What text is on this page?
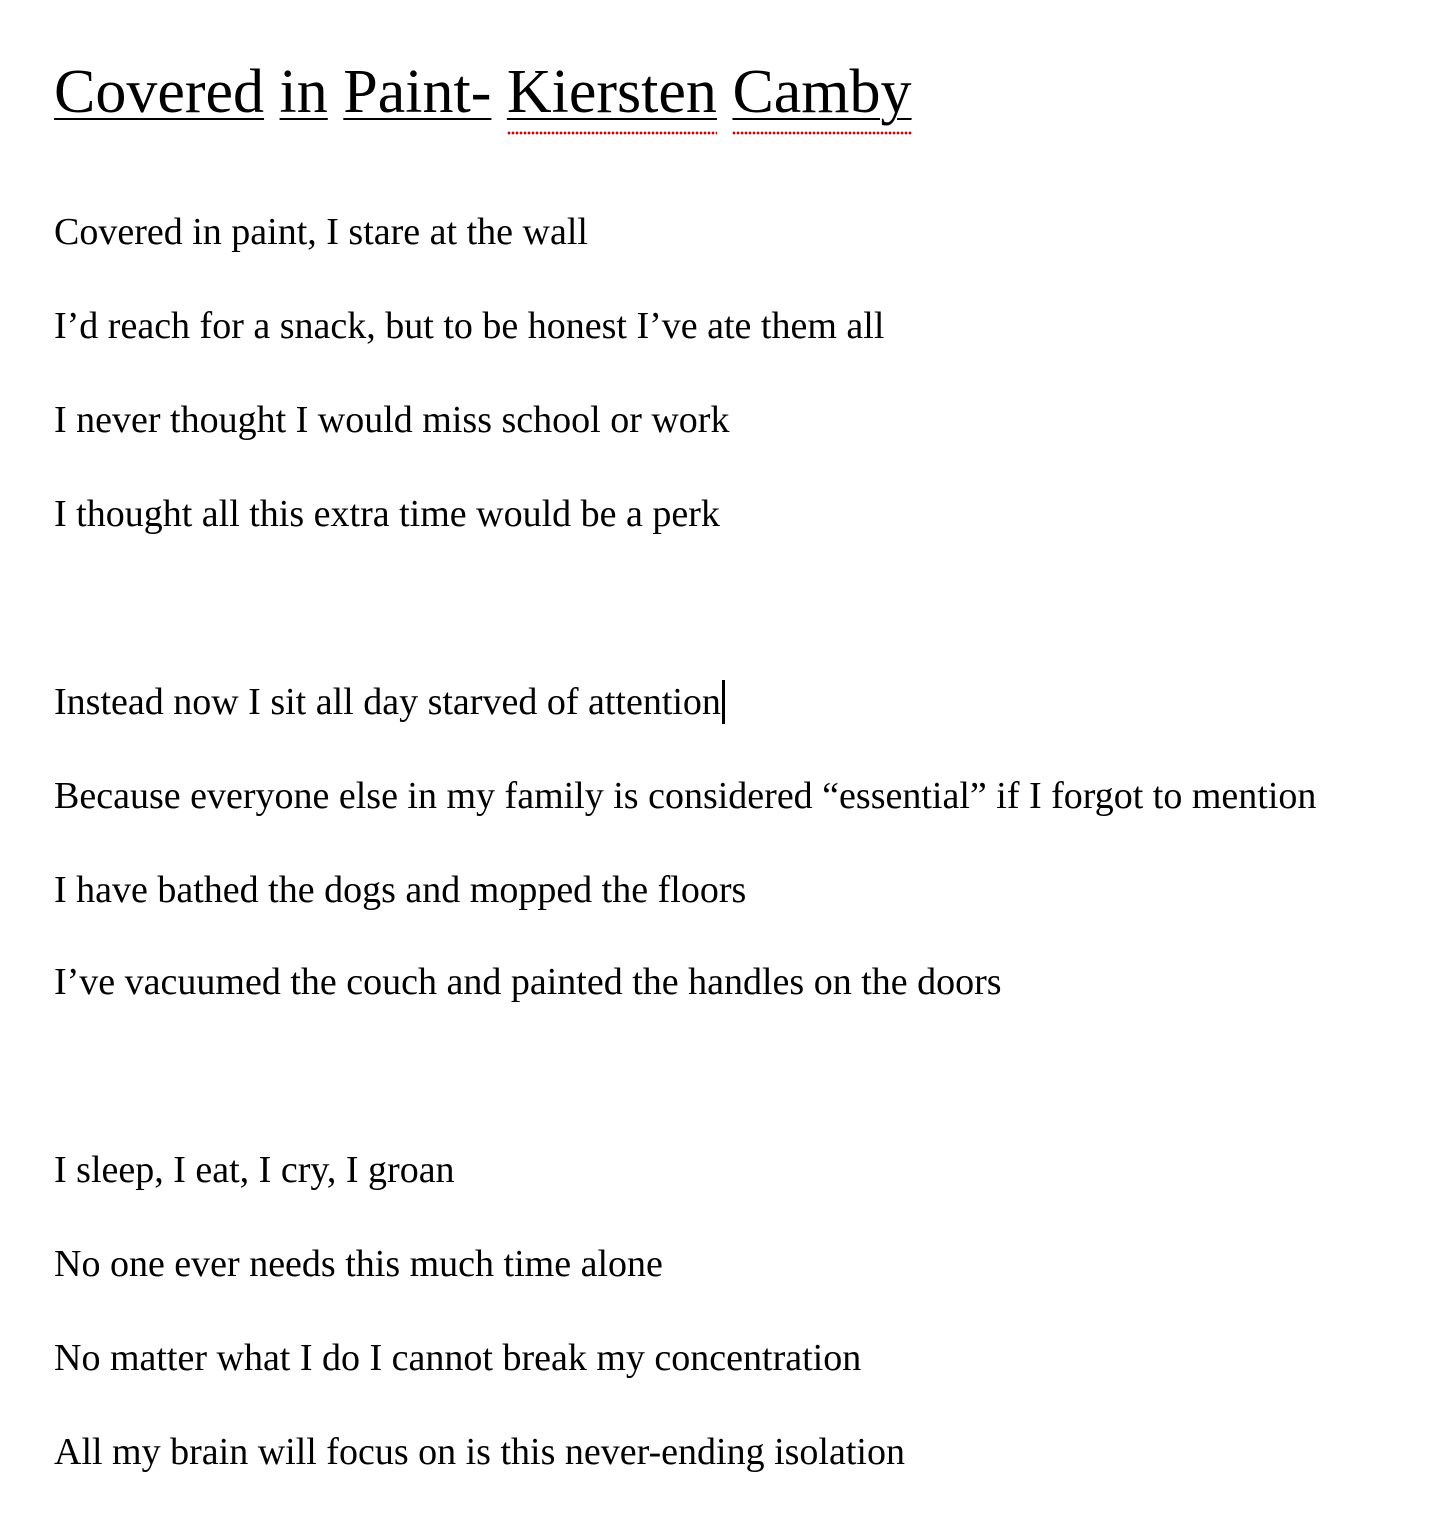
Covered in Paint- Kiersten Camby

Covered in paint, I stare at the wall

I’d reach for a snack, but to be honest I’ve ate them all

I never thought I would miss school or work

I thought all this extra time would be a perk

Instead now I sit all day starved of attention

Because everyone else in my family is considered “essential” if I forgot to mention

I have bathed the dogs and mopped the floors

I’ve vacuumed the couch and painted the handles on the doors

I sleep, I eat, I cry, I groan

No one ever needs this much time alone

No matter what I do I cannot break my concentration

All my brain will focus on is this never-ending isolation
